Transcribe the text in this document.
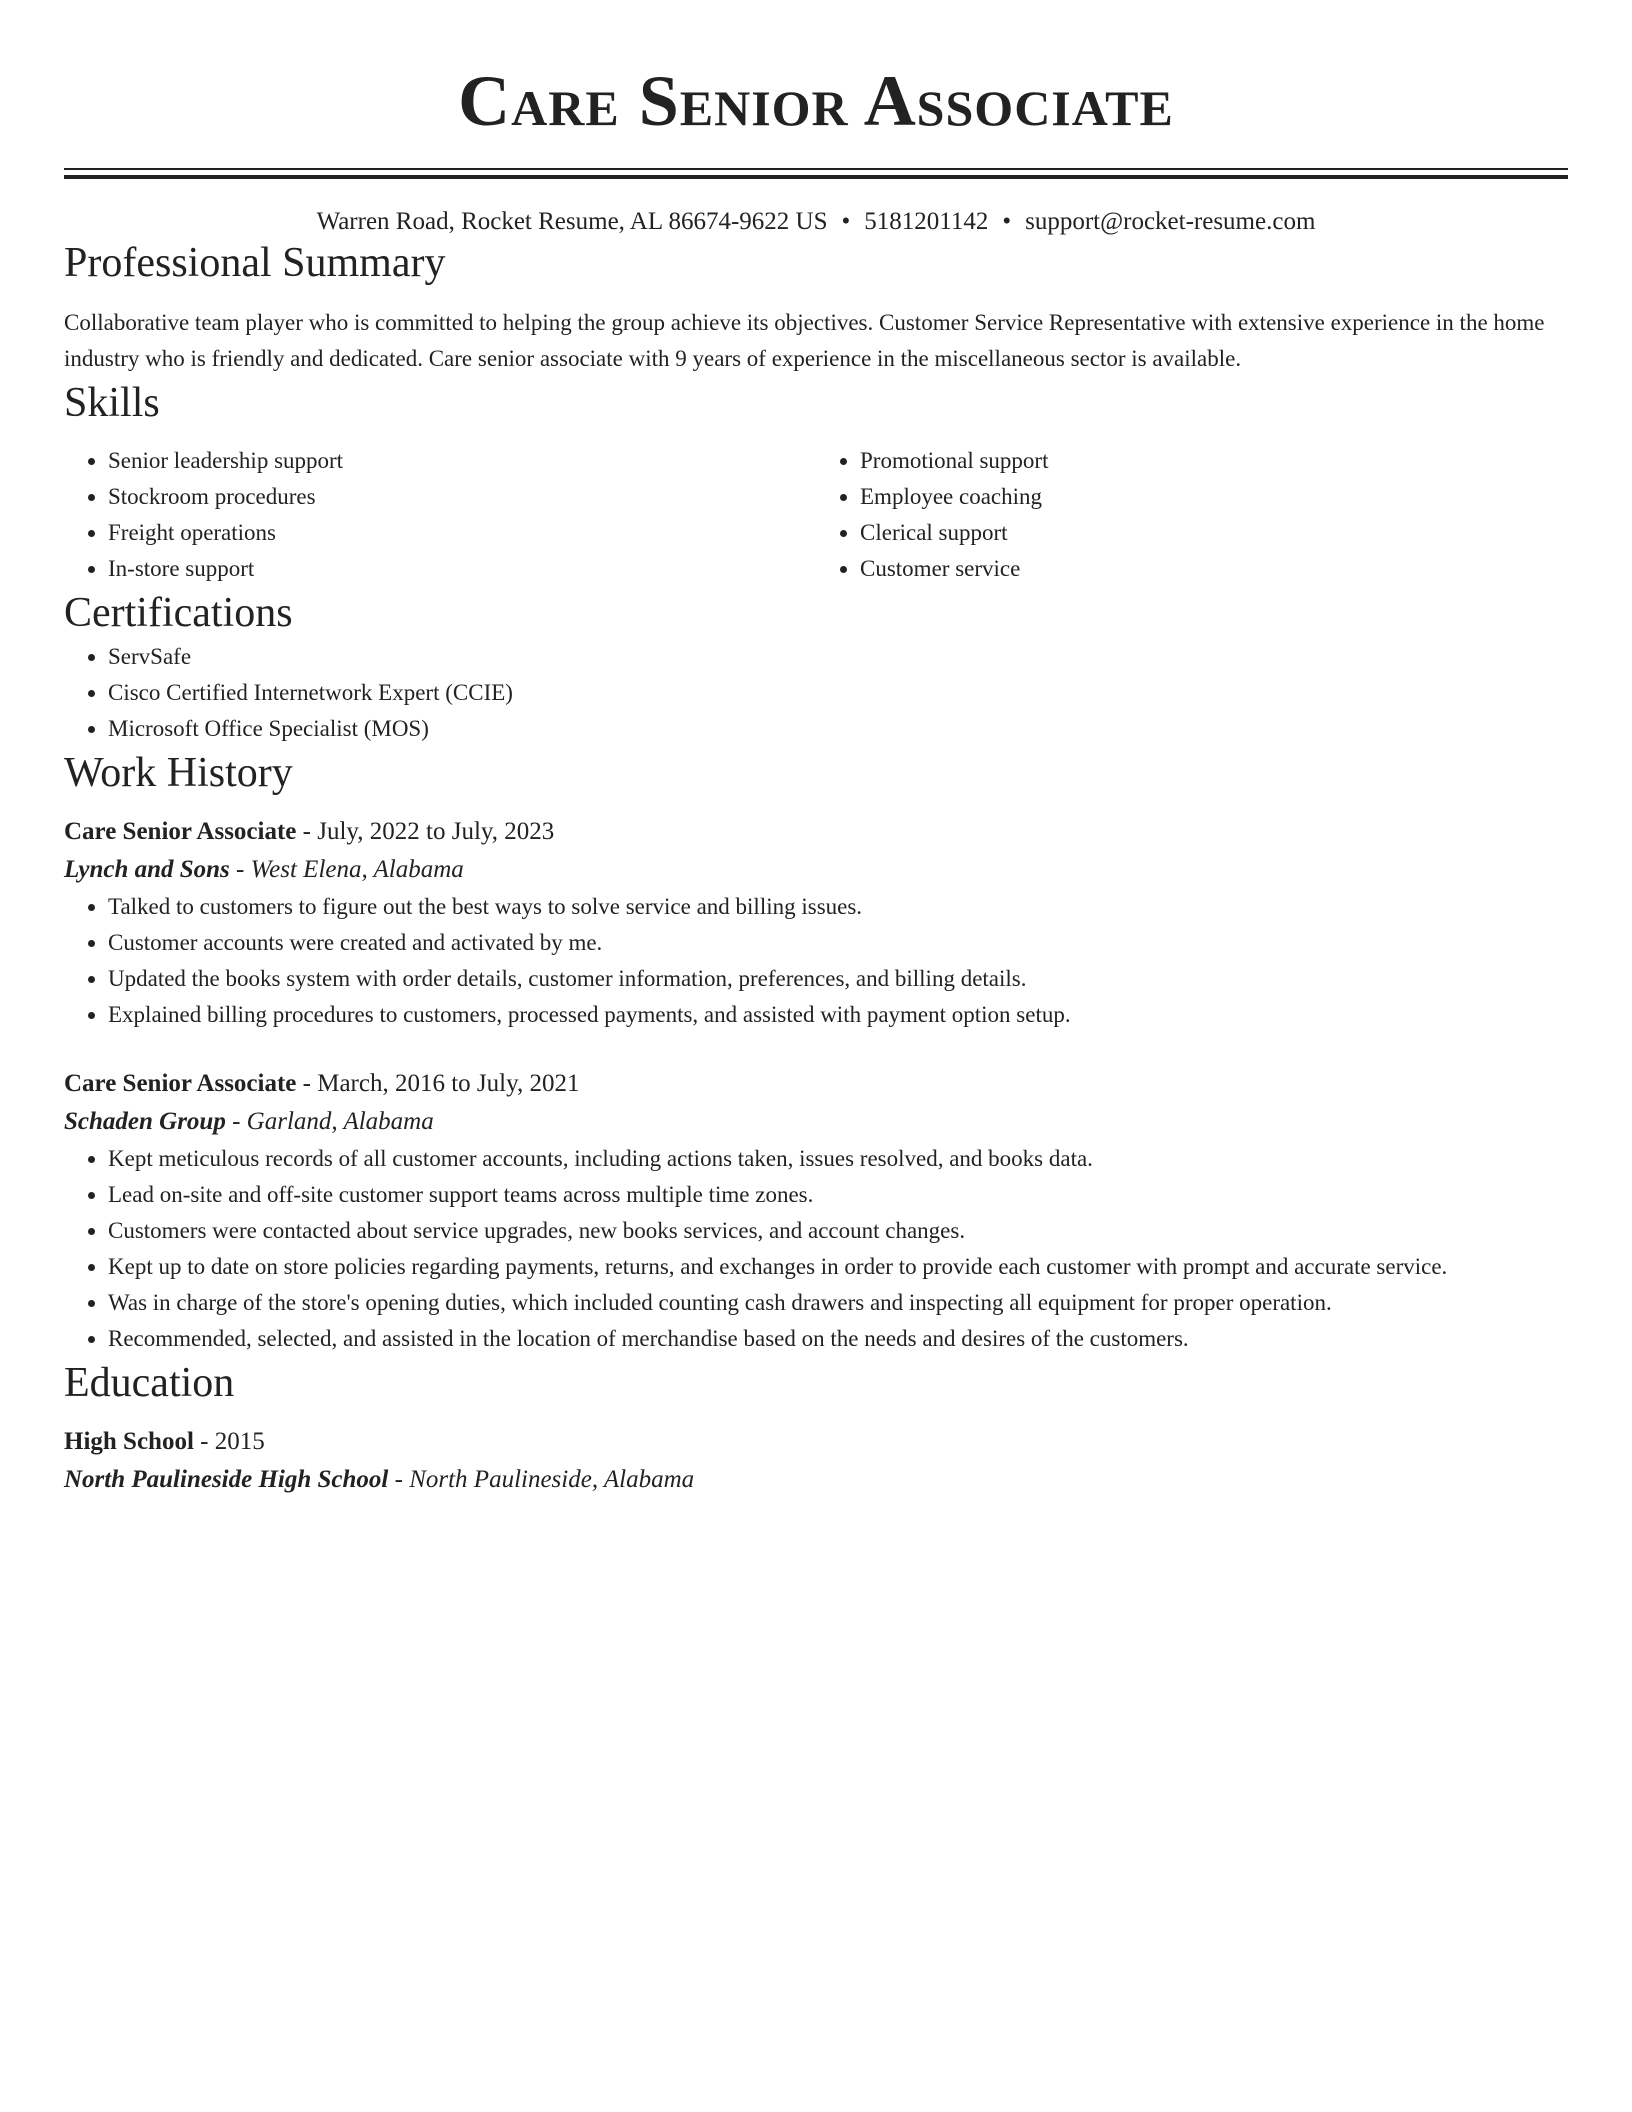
Care Senior Associate
Warren Road, Rocket Resume, AL 86674-9622 US • 5181201142 • support@rocket-resume.com
Professional Summary

Collaborative team player who is committed to helping the group achieve its objectives. Customer Service Representative with extensive experience in the home industry who is friendly and dedicated. Care senior associate with 9 years of experience in the miscellaneous sector is available.

Skills
• Senior leadership support
• Stockroom procedures
• Freight operations
• In-store support
• Promotional support
• Employee coaching
• Clerical support
• Customer service
Certifications
• ServSafe
• Cisco Certified Internetwork Expert (CCIE)
• Microsoft Office Specialist (MOS)
Work History
Care Senior Associate - July, 2022 to July, 2023
Lynch and Sons - West Elena, Alabama
• Talked to customers to figure out the best ways to solve service and billing issues.
• Customer accounts were created and activated by me.
• Updated the books system with order details, customer information, preferences, and billing details.
• Explained billing procedures to customers, processed payments, and assisted with payment option setup.
Care Senior Associate - March, 2016 to July, 2021
Schaden Group - Garland, Alabama
• Kept meticulous records of all customer accounts, including actions taken, issues resolved, and books data.
• Lead on-site and off-site customer support teams across multiple time zones.
• Customers were contacted about service upgrades, new books services, and account changes.
• Kept up to date on store policies regarding payments, returns, and exchanges in order to provide each customer with prompt and accurate service.
• Was in charge of the store's opening duties, which included counting cash drawers and inspecting all equipment for proper operation.
• Recommended, selected, and assisted in the location of merchandise based on the needs and desires of the customers.
Education
High School - 2015
North Paulineside High School - North Paulineside, Alabama
